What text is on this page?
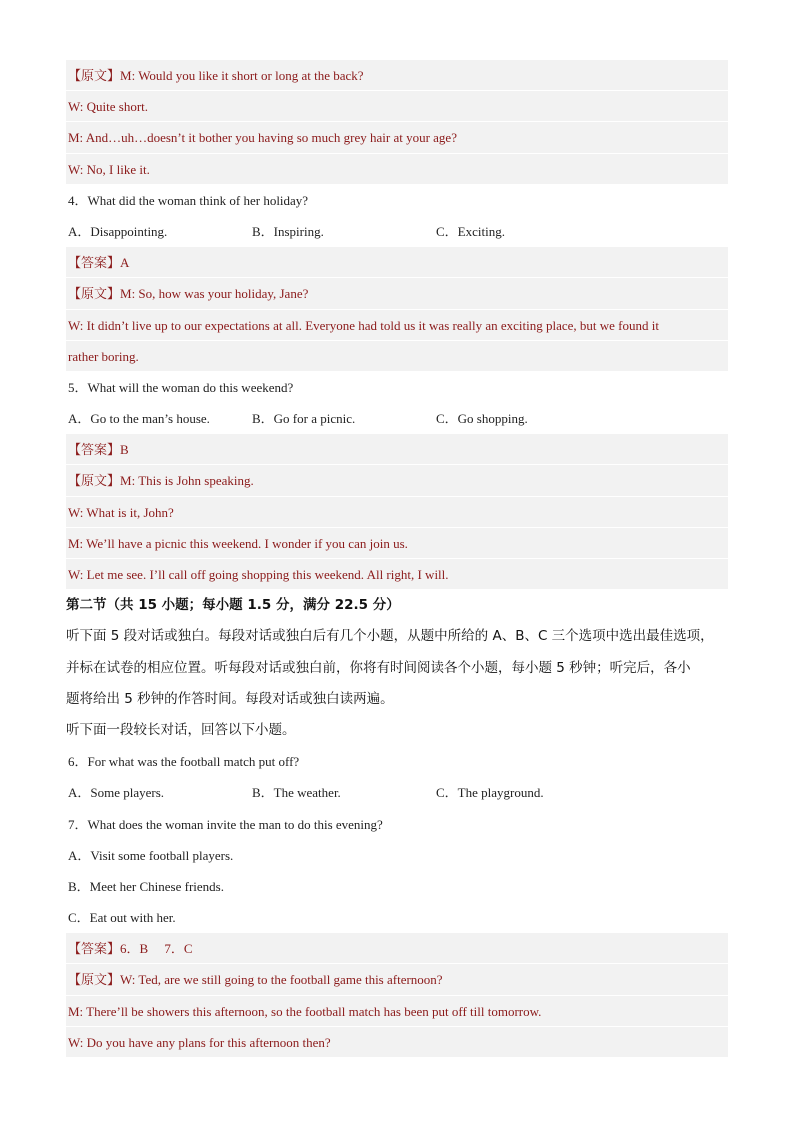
【原文】M: Would you like it short or long at the back?
W: Quite short.
M: And…uh…doesn’t it bother you having so much grey hair at your age?
W: No, I like it.
4．What did the woman think of her holiday?
A．Disappointing.	B．Inspiring.	C．Exciting.
【答案】A
【原文】M: So, how was your holiday, Jane?
W: It didn’t live up to our expectations at all. Everyone had told us it was really an exciting place, but we found it
rather boring.
5．What will the woman do this weekend?
A．Go to the man’s house.	B．Go for a picnic.	C．Go shopping.
【答案】B
【原文】M: This is John speaking.
W: What is it, John?
M: We’ll have a picnic this weekend. I wonder if you can join us.
W: Let me see. I’ll call off going shopping this weekend. All right, I will.
第二节（共 15 小题；每小题 1.5 分，满分 22.5 分）
听下面 5 段对话或独白。每段对话或独白后有几个小题，从题中所给的 A、B、C 三个选项中选出最佳选项，
并标在试卷的相应位置。听每段对话或独白前，你将有时间阅读各个小题，每小题 5 秒钟；听完后，各小
题将给出 5 秒钟的作答时间。每段对话或独白读两遍。
听下面一段较长对话，回答以下小题。
6．For what was the football match put off?
A．Some players.	B．The weather.	C．The playground.
7．What does the woman invite the man to do this evening?
A．Visit some football players.
B．Meet her Chinese friends.
C．Eat out with her.
【答案】6．B　 7．C
【原文】W: Ted, are we still going to the football game this afternoon?
M: There’ll be showers this afternoon, so the football match has been put off till tomorrow.
W: Do you have any plans for this afternoon then?
